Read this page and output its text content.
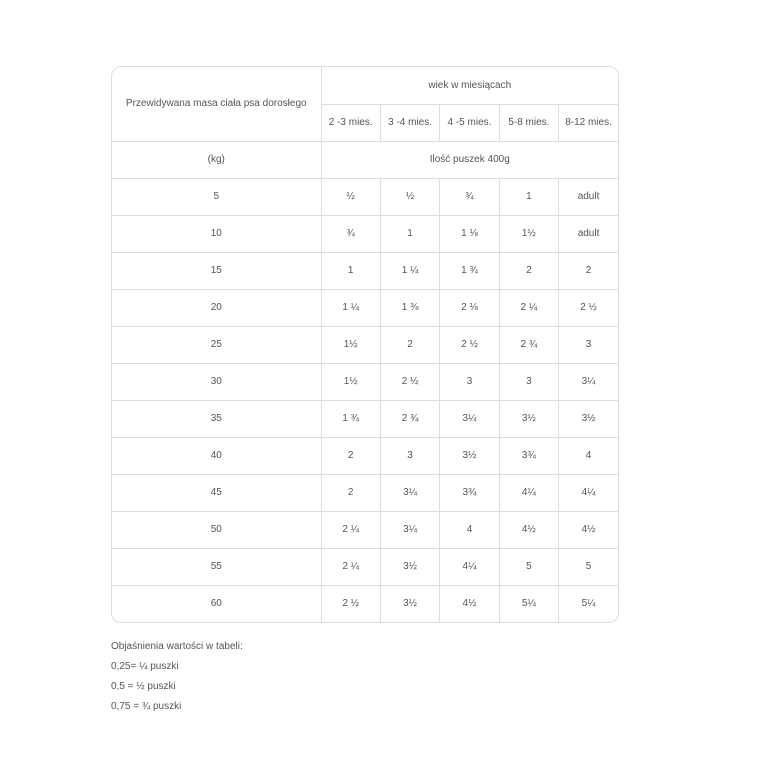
Przewidywana masa ciała psa dorosłego	wiek w miesiącach				
	2 -3 mies.	3 -4 mies.	4 -5 mies.	5-8 mies.	8-12 mies.
(kg)	Ilość puszek 400g				
5	½	½	¾	1	adult
10	¾	1	1 ⅛	1½	adult
15	1	1 ¼	1 ¾	2	2
20	1 ¼	1 ⅜	2 ⅛	2 ¼	2 ½
25	1½	2	2 ½	2 ¾	3
30	1½	2 ½	3	3	3¼
35	1 ¾	2 ¾	3¼	3½	3½
40	2	3	3½	3¾	4
45	2	3¼	3¾	4¼	4¼
50	2 ¼	3¼	4	4½	4½
55	2 ¼	3½	4¼	5	5
60	2 ½	3½	4½	5¼	5¼
Objaśnienia wartości w tabeli:
0,25= ¼ puszki
0,5 = ½ puszki
0,75 = ¾ puszki
